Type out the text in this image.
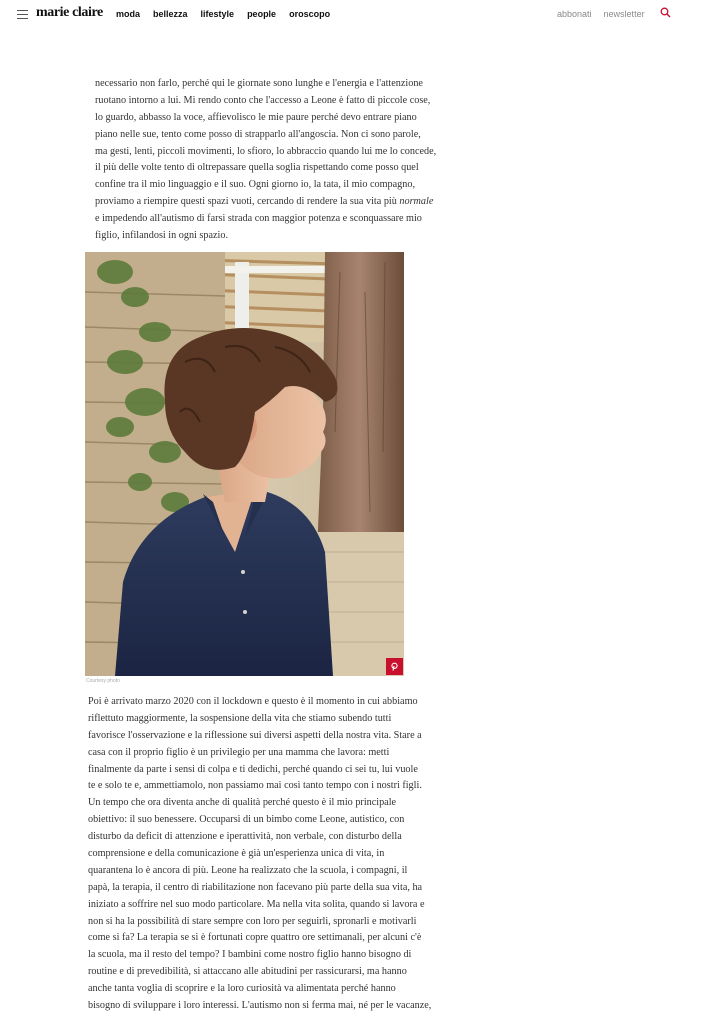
marie claire moda bellezza lifestyle people oroscopo	abbonati newsletter
necessario non farlo, perché qui le giornate sono lunghe e l'energia e l'attenzione
ruotano intorno a lui. Mi rendo conto che l'accesso a Leone è fatto di piccole cose,
lo guardo, abbasso la voce, affievolisco le mie paure perché devo entrare piano
piano nelle sue, tento come posso di strapparlo all'angoscia. Non ci sono parole,
ma gesti, lenti, piccoli movimenti, lo sfioro, lo abbraccio quando lui me lo concede,
il più delle volte tento di oltrepassare quella soglia rispettando come posso quel
confine tra il mio linguaggio e il suo. Ogni giorno io, la tata, il mio compagno,
proviamo a riempire questi spazi vuoti, cercando di rendere la sua vita più normale
e impedendo all'autismo di farsi strada con maggior potenza e sconquassare mio
figlio, infilandosi in ogni spazio.
Courtesy photo
Poi è arrivato marzo 2020 con il lockdown e questo è il momento in cui abbiamo
riflettuto maggiormente, la sospensione della vita che stiamo subendo tutti
favorisce l'osservazione e la riflessione sui diversi aspetti della nostra vita. Stare a
casa con il proprio figlio è un privilegio per una mamma che lavora: metti
finalmente da parte i sensi di colpa e ti dedichi, perché quando ci sei tu, lui vuole
te e solo te e, ammettiamolo, non passiamo mai così tanto tempo con i nostri figli.
Un tempo che ora diventa anche di qualità perché questo è il mio principale
obiettivo: il suo benessere. Occuparsi di un bimbo come Leone, autistico, con
disturbo da deficit di attenzione e iperattività, non verbale, con disturbo della
comprensione e della comunicazione è già un'esperienza unica di vita, in
quarantena lo è ancora di più. Leone ha realizzato che la scuola, i compagni, il
papà, la terapia, il centro di riabilitazione non facevano più parte della sua vita, ha
iniziato a soffrire nel suo modo particolare. Ma nella vita solita, quando si lavora e
non si ha la possibilità di stare sempre con loro per seguirli, spronarli e motivarli
come si fa? La terapia se si è fortunati copre quattro ore settimanali, per alcuni c'è
la scuola, ma il resto del tempo? I bambini come nostro figlio hanno bisogno di
routine e di prevedibilità, si attaccano alle abitudini per rassicurarsi, ma hanno
anche tanta voglia di scoprire e la loro curiosità va alimentata perché hanno
bisogno di sviluppare i loro interessi. L'autismo non si ferma mai, né per le vacanze,
